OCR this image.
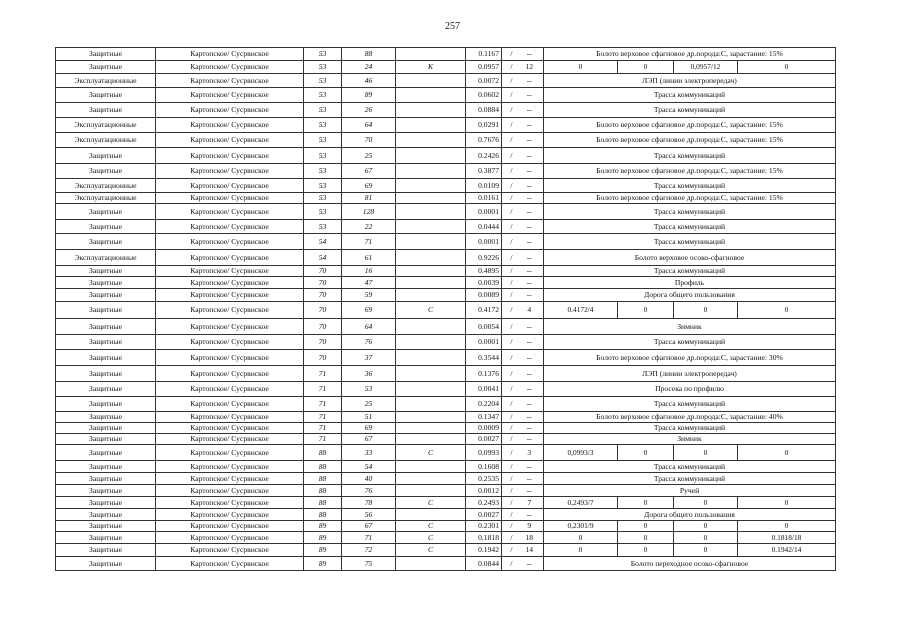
257
Защитные	Картопское/ Сусрвнское	53	88		0.1167	/	--	Болото верховое сфагновое др.порода:С, зарастание: 15%			
Защитные	Картопское/ Сусрвнское	53	24	К	0.0957	/	12	0	0	0,0957/12	0
Эксплуатационные	Картопское/ Сусрвнское	53	46		0.0072	/	--	ЛЭП (линии электропередач)			
Защитные	Картопское/ Сусрвнское	53	89		0.0602	/	--	Трасса коммуникаций			
Защитные	Картопское/ Сусрвнское	53	26		0.0884	/	--	Трасса коммуникаций			
Эксплуатационные	Картопское/ Сусрвнское	53	64		0.0291	/	--	Болото верховое сфагновое др.порода:С, зарастание: 15%			
Эксплуатационные	Картопское/ Сусрвнское	53	70		0.7676	/	--	Болото верховое сфагновое др.порода:С, зарастание: 15%			
Защитные	Картопское/ Сусрвнское	53	25		0.2426	/	--	Трасса коммуникаций			
Защитные	Картопское/ Сусрвнское	53	67		0.3877	/	--	Болото верховое сфагновое др.порода:С, зарастание: 15%			
Эксплуатационные	Картопское/ Сусрвнское	53	69		0.0109	/	--	Трасса коммуникаций			
Эксплуатационные	Картопское/ Сусрвнское	53	81		0.0161	/	--	Болото верховое сфагновое др.порода:С, зарастание: 15%			
Защитные	Картопское/ Сусрвнское	53	128		0.0001	/	--	Трасса коммуникаций			
Защитные	Картопское/ Сусрвнское	53	22		0.0444	/	--	Трасса коммуникаций			
Защитные	Картопское/ Сусрвнское	54	71		0.0001	/	--	Трасса коммуникаций			
Эксплуатационные	Картопское/ Сусрвнское	54	61		0.9226	/	--	Болото верховое осоко-сфагновое			
Защитные	Картопское/ Сусрвнское	70	16		0.4895	/	--	Трасса коммуникаций			
Защитные	Картопское/ Сусрвнское	70	47		0.0039	/	--	Профиль			
Защитные	Картопское/ Сусрвнское	70	59		0.0089	/	--	Дорога общего пользования			
Защитные	Картопское/ Сусрвнское	70	69	С	0.4172	/	4	0.4172/4	0	0	0
Защитные	Картопское/ Сусрвнское	70	64		0.0054	/	--	Зимник			
Защитные	Картопское/ Сусрвнское	70	76		0.0001	/	--	Трасса коммуникаций			
Защитные	Картопское/ Сусрвнское	70	37		0.3544	/	--	Болото верховое сфагновое др.порода:С, зарастание: 30%			
Защитные	Картопское/ Сусрвнское	71	36		0.1376	/	--	ЛЭП (линии электропередач)			
Защитные	Картопское/ Сусрвнское	71	53		0.0041	/	--	Просека по профилю			
Защитные	Картопское/ Сусрвнское	71	25		0.2204	/	--	Трасса коммуникаций			
Защитные	Картопское/ Сусрвнское	71	51		0.1347	/	--	Болото верховое сфагновое др.порода:С, зарастание: 40%			
Защитные	Картопское/ Сусрвнское	71	69		0.0009	/	--	Трасса коммуникаций			
Защитные	Картопское/ Сусрвнское	71	67		0.0027	/	--	Зимник			
Защитные	Картопское/ Сусрвнское	88	33	С	0.0993	/	3	0,0993/3	0	0	0
Защитные	Картопское/ Сусрвнское	88	54		0.1608	/	--	Трасса коммуникаций			
Защитные	Картопское/ Сусрвнское	88	40		0.2535	/	--	Трасса коммуникаций			
Защитные	Картопское/ Сусрвнское	88	76		0.0012	/	--	Ручей			
Защитные	Картопское/ Сусрвнское	88	78	С	0.2493	/	7	0,2493/7	0	0	0
Защитные	Картопское/ Сусрвнское	88	56		0.0027	/	--	Дорога общего пользования			
Защитные	Картопское/ Сусрвнское	89	67	С	0.2301	/	9	0,2301/9	0	0	0
Защитные	Картопское/ Сусрвнское	89	71	С	0.1818	/	18	0	0	0	0.1818/18
Защитные	Картопское/ Сусрвнское	89	72	С	0.1942	/	14	0	0	0	0.1942/14
Защитные	Картопское/ Сусрвнское	89	75		0.0844	/	--	Болото переходное осоко-сфагновое			
